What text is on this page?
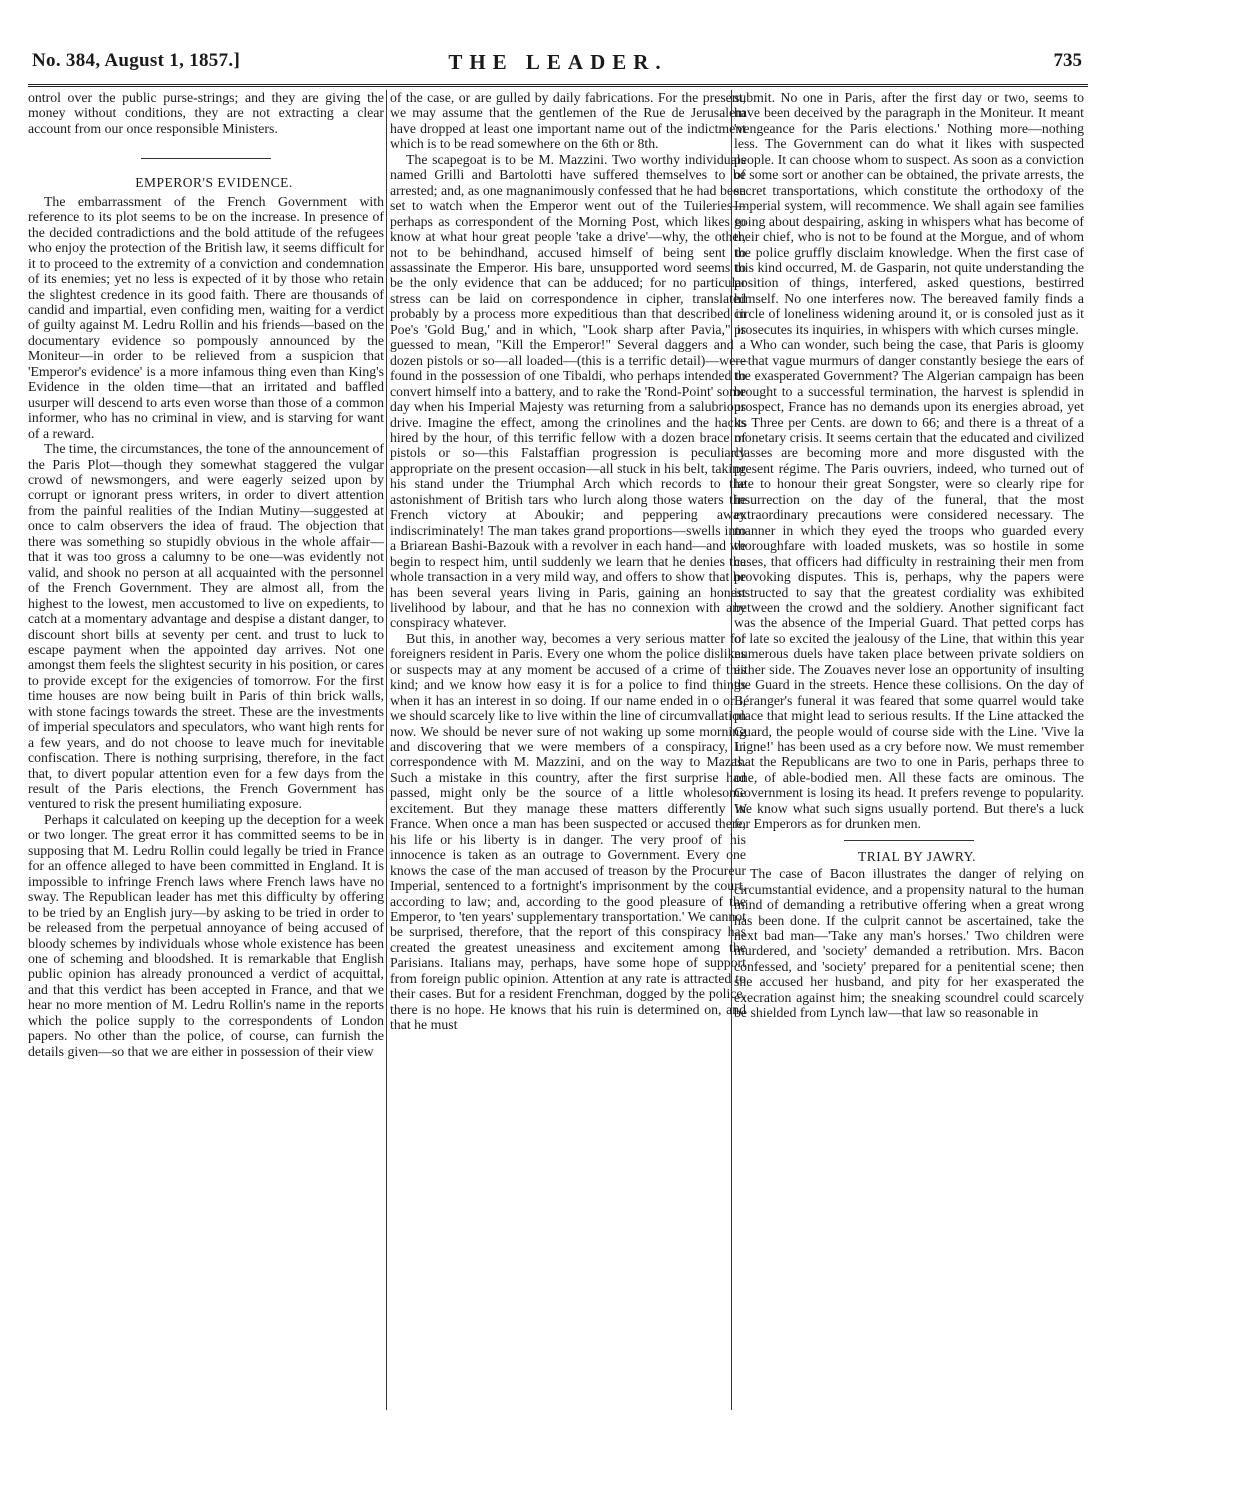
No. 384, August 1, 1857.]	THE LEADER.	735

ontrol over the public purse-strings; and they are giving the money without conditions, they are not extracting a clear account from our once responsible Ministers.

EMPEROR'S EVIDENCE.

The embarrassment of the French Government with reference to its plot seems to be on the increase. In presence of the decided contradictions and the bold attitude of the refugees who enjoy the protection of the British law, it seems difficult for it to proceed to the extremity of a conviction and condemnation of its enemies; yet no less is expected of it by those who retain the slightest credence in its good faith. There are thousands of candid and impartial, even confiding men, waiting for a verdict of guilty against M. Ledru Rollin and his friends—based on the documentary evidence so pompously announced by the Moniteur—in order to be relieved from a suspicion that 'Emperor's evidence' is a more infamous thing even than King's Evidence in the olden time—that an irritated and baffled usurper will descend to arts even worse than those of a common informer, who has no criminal in view, and is starving for want of a reward.

The time, the circumstances, the tone of the announcement of the Paris Plot—though they somewhat staggered the vulgar crowd of newsmongers, and were eagerly seized upon by corrupt or ignorant press writers, in order to divert attention from the painful realities of the Indian Mutiny—suggested at once to calm observers the idea of fraud. The objection that there was something so stupidly obvious in the whole affair—that it was too gross a calumny to be one—was evidently not valid, and shook no person at all acquainted with the personnel of the French Government. They are almost all, from the highest to the lowest, men accustomed to live on expedients, to catch at a momentary advantage and despise a distant danger, to discount short bills at seventy per cent. and trust to luck to escape payment when the appointed day arrives. Not one amongst them feels the slightest security in his position, or cares to provide except for the exigencies of tomorrow. For the first time houses are now being built in Paris of thin brick walls, with stone facings towards the street. These are the investments of imperial speculators and speculators, who want high rents for a few years, and do not choose to leave much for inevitable confiscation. There is nothing surprising, therefore, in the fact that, to divert popular attention even for a few days from the result of the Paris elections, the French Government has ventured to risk the present humiliating exposure.

Perhaps it calculated on keeping up the deception for a week or two longer. The great error it has committed seems to be in supposing that M. Ledru Rollin could legally be tried in France for an offence alleged to have been committed in England. It is impossible to infringe French laws where French laws have no sway. The Republican leader has met this difficulty by offering to be tried by an English jury—by asking to be tried in order to be released from the perpetual annoyance of being accused of bloody schemes by individuals whose whole existence has been one of scheming and bloodshed. It is remarkable that English public opinion has already pronounced a verdict of acquittal, and that this verdict has been accepted in France, and that we hear no more mention of M. Ledru Rollin's name in the reports which the police supply to the correspondents of London papers. No other than the police, of course, can furnish the details given—so that we are either in possession of their view

of the case, or are gulled by daily fabrications. For the present, we may assume that the gentlemen of the Rue de Jerusalem have dropped at least one important name out of the indictment which is to be read somewhere on the 6th or 8th.

The scapegoat is to be M. Mazzini. Two worthy individuals named Grilli and Bartolotti have suffered themselves to be arrested; and, as one magnanimously confessed that he had been set to watch when the Emperor went out of the Tuileries—perhaps as correspondent of the Morning Post, which likes to know at what hour great people 'take a drive'—why, the other, not to be behindhand, accused himself of being sent to assassinate the Emperor. His bare, unsupported word seems to be the only evidence that can be adduced; for no particular stress can be laid on correspondence in cipher, translated probably by a process more expeditious than that described in Poe's 'Gold Bug,' and in which, "Look sharp after Pavia," is guessed to mean, "Kill the Emperor!" Several daggers and a dozen pistols or so—all loaded—(this is a terrific detail)—were found in the possession of one Tibaldi, who perhaps intended to convert himself into a battery, and to rake the 'Rond-Point' some day when his Imperial Majesty was returning from a salubrious drive. Imagine the effect, among the crinolines and the hacks hired by the hour, of this terrific fellow with a dozen brace of pistols or so—this Falstaffian progression is peculiarly appropriate on the present occasion—all stuck in his belt, taking his stand under the Triumphal Arch which records to the astonishment of British tars who lurch along those waters the French victory at Aboukir; and peppering away indiscriminately! The man takes grand proportions—swells into a Briarean Bashi-Bazouk with a revolver in each hand—and we begin to respect him, until suddenly we learn that he denies the whole transaction in a very mild way, and offers to show that he has been several years living in Paris, gaining an honest livelihood by labour, and that he has no connexion with any conspiracy whatever.

But this, in another way, becomes a very serious matter for foreigners resident in Paris. Every one whom the police dislikes or suspects may at any moment be accused of a crime of this kind; and we know how easy it is for a police to find things when it has an interest in so doing. If our name ended in o or i, we should scarcely like to live within the line of circumvallation now. We should be never sure of not waking up some morning and discovering that we were members of a conspiracy, in correspondence with M. Mazzini, and on the way to Mazas. Such a mistake in this country, after the first surprise had passed, might only be the source of a little wholesome excitement. But they manage these matters differently in France. When once a man has been suspected or accused there, his life or his liberty is in danger. The very proof of his innocence is taken as an outrage to Government. Every one knows the case of the man accused of treason by the Procureur Imperial, sentenced to a fortnight's imprisonment by the court, according to law; and, according to the good pleasure of the Emperor, to 'ten years' supplementary transportation.' We cannot be surprised, therefore, that the report of this conspiracy has created the greatest uneasiness and excitement among the Parisians. Italians may, perhaps, have some hope of support from foreign public opinion. Attention at any rate is attracted to their cases. But for a resident Frenchman, dogged by the police, there is no hope. He knows that his ruin is determined on, and that he must

submit. No one in Paris, after the first day or two, seems to have been deceived by the paragraph in the Moniteur. It meant 'vengeance for the Paris elections.' Nothing more—nothing less. The Government can do what it likes with suspected people. It can choose whom to suspect. As soon as a conviction of some sort or another can be obtained, the private arrests, the secret transportations, which constitute the orthodoxy of the Imperial system, will recommence. We shall again see families going about despairing, asking in whispers what has become of their chief, who is not to be found at the Morgue, and of whom the police gruffly disclaim knowledge. When the first case of this kind occurred, M. de Gasparin, not quite understanding the position of things, interfered, asked questions, bestirred himself. No one interferes now. The bereaved family finds a circle of loneliness widening around it, or is consoled just as it prosecutes its inquiries, in whispers with which curses mingle.

Who can wonder, such being the case, that Paris is gloomy—that vague murmurs of danger constantly besiege the ears of the exasperated Government? The Algerian campaign has been brought to a successful termination, the harvest is splendid in prospect, France has no demands upon its energies abroad, yet its Three per Cents. are down to 66; and there is a threat of a monetary crisis. It seems certain that the educated and civilized classes are becoming more and more disgusted with the present régime. The Paris ouvriers, indeed, who turned out of late to honour their great Songster, were so clearly ripe for insurrection on the day of the funeral, that the most extraordinary precautions were considered necessary. The manner in which they eyed the troops who guarded every thoroughfare with loaded muskets, was so hostile in some cases, that officers had difficulty in restraining their men from provoking disputes. This is, perhaps, why the papers were instructed to say that the greatest cordiality was exhibited between the crowd and the soldiery. Another significant fact was the absence of the Imperial Guard. That petted corps has of late so excited the jealousy of the Line, that within this year numerous duels have taken place between private soldiers on either side. The Zouaves never lose an opportunity of insulting the Guard in the streets. Hence these collisions. On the day of Béranger's funeral it was feared that some quarrel would take place that might lead to serious results. If the Line attacked the Guard, the people would of course side with the Line. 'Vive la Ligne!' has been used as a cry before now. We must remember that the Republicans are two to one in Paris, perhaps three to one, of able-bodied men. All these facts are ominous. The Government is losing its head. It prefers revenge to popularity. We know what such signs usually portend. But there's a luck for Emperors as for drunken men.

TRIAL BY JAWRY.

The case of Bacon illustrates the danger of relying on circumstantial evidence, and a propensity natural to the human mind of demanding a retributive offering when a great wrong has been done. If the culprit cannot be ascertained, take the next bad man—'Take any man's horses.' Two children were murdered, and 'society' demanded a retribution. Mrs. Bacon confessed, and 'society' prepared for a penitential scene; then she accused her husband, and pity for her exasperated the execration against him; the sneaking scoundrel could scarcely be shielded from Lynch law—that law so reasonable in
